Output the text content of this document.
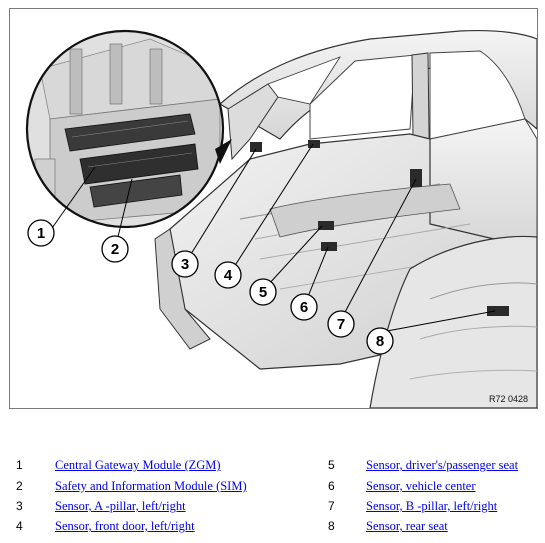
1
2
3
4
5
6
7
8
R72 0428
1	Central Gateway Module (ZGM)
2	Safety and Information Module (SIM)
3	Sensor, A -pillar, left/right
4	Sensor, front door, left/right
5	Sensor, driver's/passenger seat
6	Sensor, vehicle center
7	Sensor, B -pillar, left/right
8	Sensor, rear seat
